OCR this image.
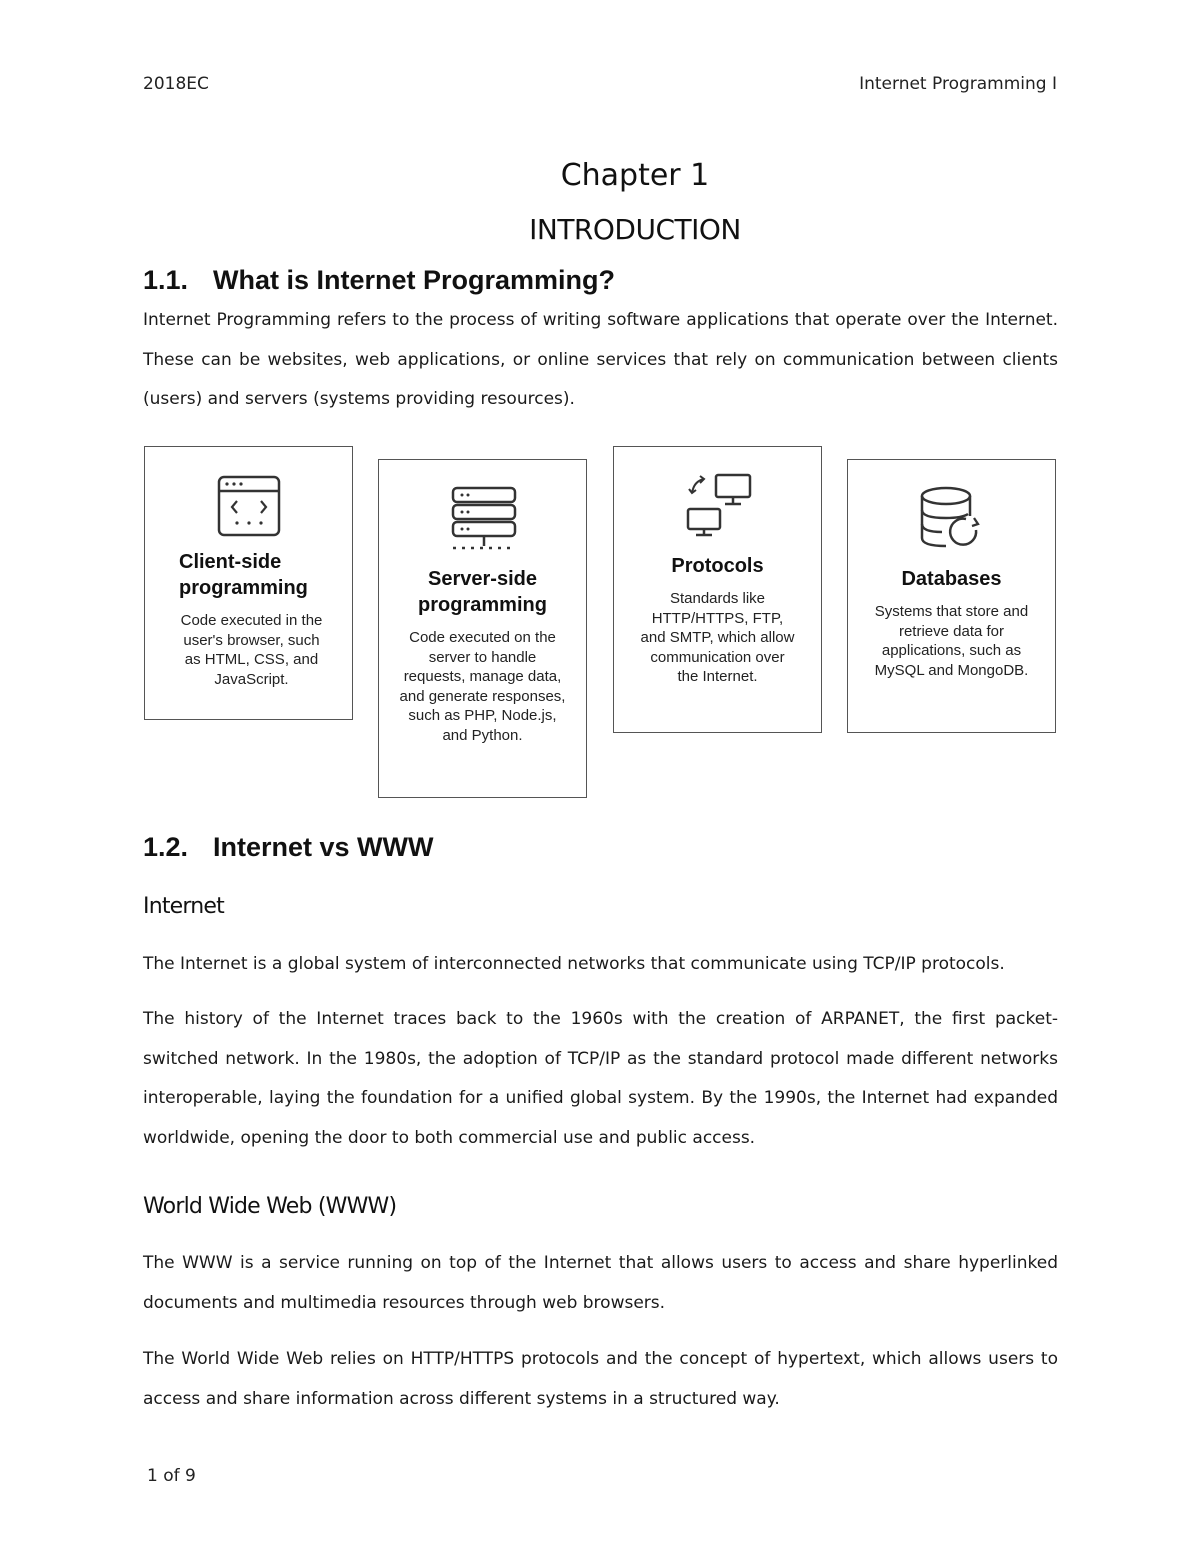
2018EC	Internet Programming I
Chapter 1
INTRODUCTION
1.1. What is Internet Programming?
Internet Programming refers to the process of writing software applications that operate over the Internet. These can be websites, web applications, or online services that rely on communication between clients (users) and servers (systems providing resources).
Client-side programming
Code executed in the user's browser, such as HTML, CSS, and JavaScript.
Server-side programming
Code executed on the server to handle requests, manage data, and generate responses, such as PHP, Node.js, and Python.
Protocols
Standards like HTTP/HTTPS, FTP, and SMTP, which allow communication over the Internet.
Databases
Systems that store and retrieve data for applications, such as MySQL and MongoDB.
1.2. Internet vs WWW
Internet
The Internet is a global system of interconnected networks that communicate using TCP/IP protocols.
The history of the Internet traces back to the 1960s with the creation of ARPANET, the first packet-switched network. In the 1980s, the adoption of TCP/IP as the standard protocol made different networks interoperable, laying the foundation for a unified global system. By the 1990s, the Internet had expanded worldwide, opening the door to both commercial use and public access.
World Wide Web (WWW)
The WWW is a service running on top of the Internet that allows users to access and share hyperlinked documents and multimedia resources through web browsers.
The World Wide Web relies on HTTP/HTTPS protocols and the concept of hypertext, which allows users to access and share information across different systems in a structured way.
1 of 9
